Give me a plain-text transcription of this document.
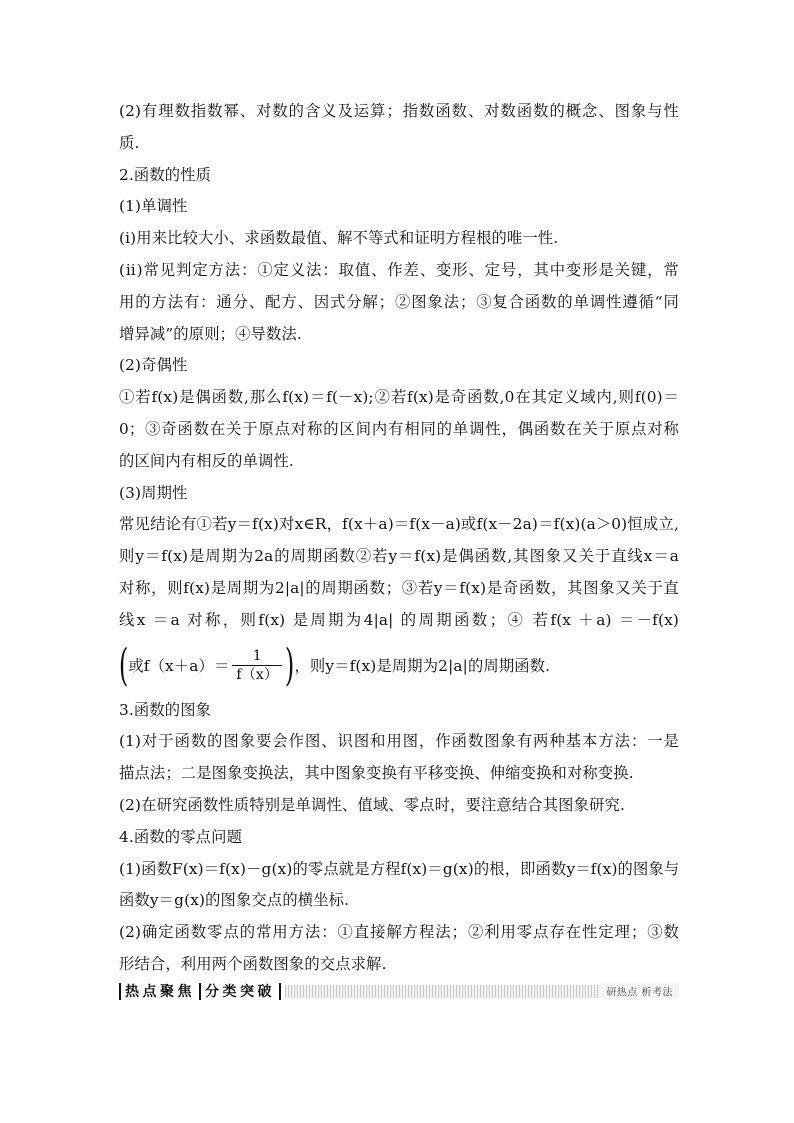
(2)有理数指数幂、对数的含义及运算；指数函数、对数函数的概念、图象与性
质.
2.函数的性质
(1)单调性
(ⅰ)用来比较大小、求函数最值、解不等式和证明方程根的唯一性.
(ⅱ)常见判定方法：①定义法：取值、作差、变形、定号，其中变形是关键，常
用的方法有：通分、配方、因式分解；②图象法；③复合函数的单调性遵循“同
增异减”的原则；④导数法.
(2)奇偶性
①若f(x)是偶函数,那么f(x)＝f(－x);②若f(x)是奇函数,0在其定义域内,则f(0)＝
0；③奇函数在关于原点对称的区间内有相同的单调性，偶函数在关于原点对称
的区间内有相反的单调性.
(3)周期性
常见结论有①若y＝f(x)对x∈R，f(x＋a)＝f(x－a)或f(x－2a)＝f(x)(a＞0)恒成立,
则y＝f(x)是周期为2a的周期函数②若y＝f(x)是偶函数,其图象又关于直线x＝a
对称，则f(x)是周期为2|a|的周期函数；③若y＝f(x)是奇函数，其图象又关于直
线x ＝a 对称，则f(x) 是周期为4|a| 的周期函数；④ 若f(x ＋a) ＝－f(x)
( 或$f(x+a)= \frac{1}{f(x)}$ ) ，则y＝f(x)是周期为2|a|的周期函数.
3.函数的图象
(1)对于函数的图象要会作图、识图和用图，作函数图象有两种基本方法：一是
描点法；二是图象变换法，其中图象变换有平移变换、伸缩变换和对称变换.
(2)在研究函数性质特别是单调性、值域、零点时，要注意结合其图象研究.
4.函数的零点问题
(1)函数F(x)＝f(x)－g(x)的零点就是方程f(x)＝g(x)的根，即函数y＝f(x)的图象与
函数y＝g(x)的图象交点的横坐标.
(2)确定函数零点的常用方法：①直接解方程法；②利用零点存在性定理；③数
形结合，利用两个函数图象的交点求解.
热点聚焦 分类突破	研热点 析考法
